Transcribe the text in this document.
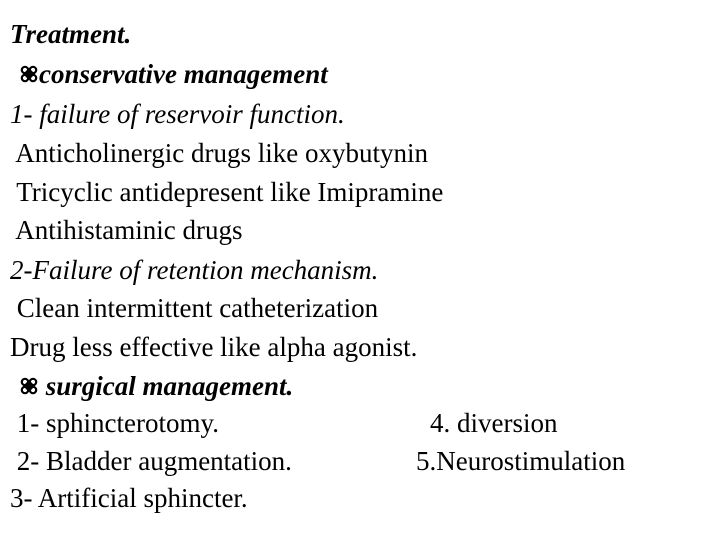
Treatment.
conservative management
1- failure of reservoir function.
Anticholinergic drugs like oxybutynin
Tricyclic antidepresent like Imipramine
Antihistaminic drugs
2-Failure of retention mechanism.
Clean intermittent catheterization
Drug less effective like alpha agonist.
surgical management.
1- sphincterotomy.	4. diversion
2- Bladder augmentation.	5.Neurostimulation
3- Artificial sphincter.
